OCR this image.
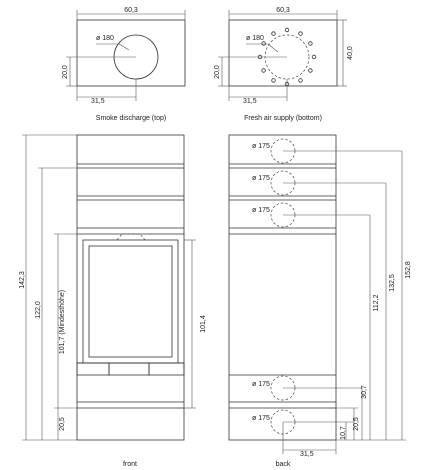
60,3
ø 180
20,0
31,5
Smoke discharge (top)
60,3
40,0
ø 180
20,0
31,5
Fresh air supply (bottom)
142,3
122,0 101,7 (Mindesthöhe)
20,5
101,4
front
ø 175
ø 175
ø 175
ø 175
ø 175
152,8
132,5
112,2
30,7
20,5
10,7
31,5
back
